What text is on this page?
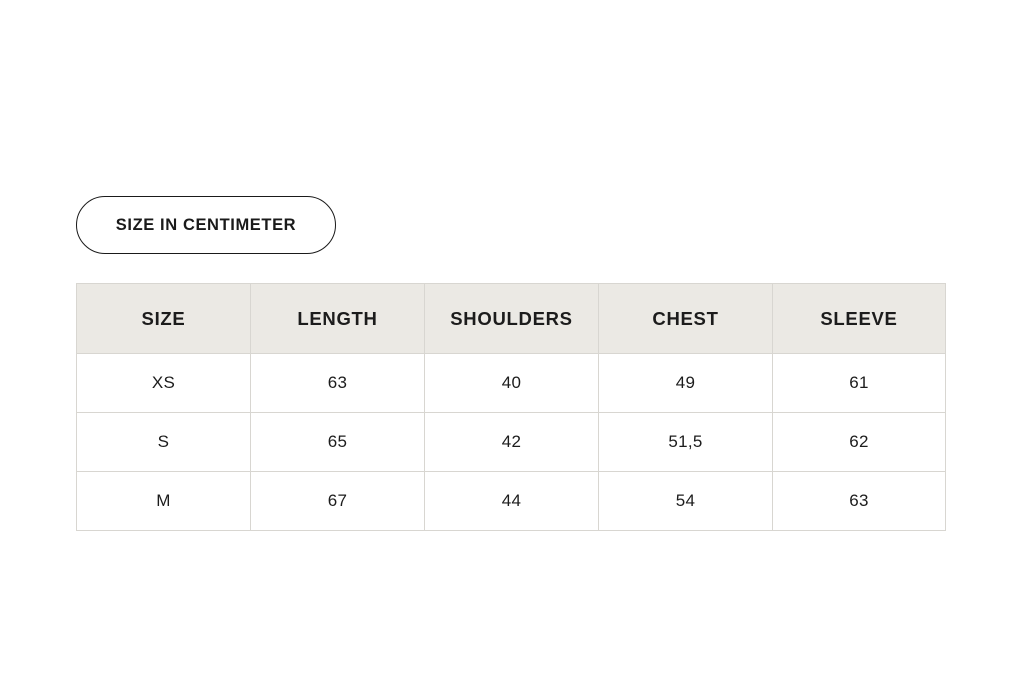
SIZE IN CENTIMETER
SIZE	LENGTH	SHOULDERS	CHEST	SLEEVE
XS	63	40	49	61
S	65	42	51,5	62
M	67	44	54	63
